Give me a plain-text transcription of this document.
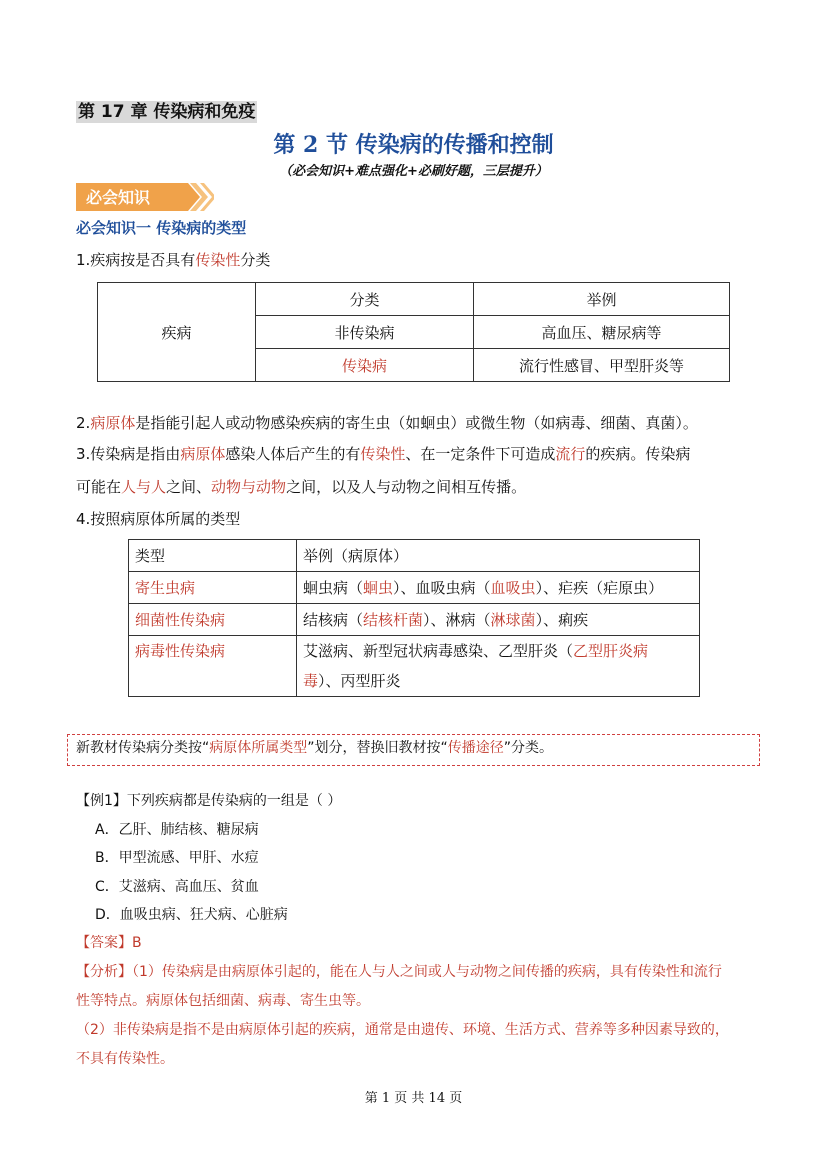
第 17 章 传染病和免疫
第 2 节 传染病的传播和控制
（必会知识+难点强化+必刷好题，三层提升）
必会知识
必会知识一 传染病的类型
1.疾病按是否具有传染性分类
疾病	分类	举例
	非传染病	高血压、糖尿病等
	传染病	流行性感冒、甲型肝炎等
2.病原体是指能引起人或动物感染疾病的寄生虫（如蛔虫）或微生物（如病毒、细菌、真菌）。
3.传染病是指由病原体感染人体后产生的有传染性、在一定条件下可造成流行的疾病。传染病
可能在人与人之间、动物与动物之间，以及人与动物之间相互传播。
4.按照病原体所属的类型
类型	举例（病原体）
寄生虫病	蛔虫病（蛔虫）、血吸虫病（血吸虫）、疟疾（疟原虫）
细菌性传染病	结核病（结核杆菌）、淋病（淋球菌）、痢疾
病毒性传染病	艾滋病、新型冠状病毒感染、乙型肝炎（乙型肝炎病
毒）、丙型肝炎
新教材传染病分类按“病原体所属类型”划分，替换旧教材按“传播途径”分类。
【例1】下列疾病都是传染病的一组是（ ）
A．乙肝、肺结核、糖尿病
B．甲型流感、甲肝、水痘
C．艾滋病、高血压、贫血
D．血吸虫病、狂犬病、心脏病
【答案】B
【分析】（1）传染病是由病原体引起的，能在人与人之间或人与动物之间传播的疾病，具有传染性和流行
性等特点。病原体包括细菌、病毒、寄生虫等。
（2）非传染病是指不是由病原体引起的疾病，通常是由遗传、环境、生活方式、营养等多种因素导致的，
不具有传染性。
第 1 页 共 14 页
